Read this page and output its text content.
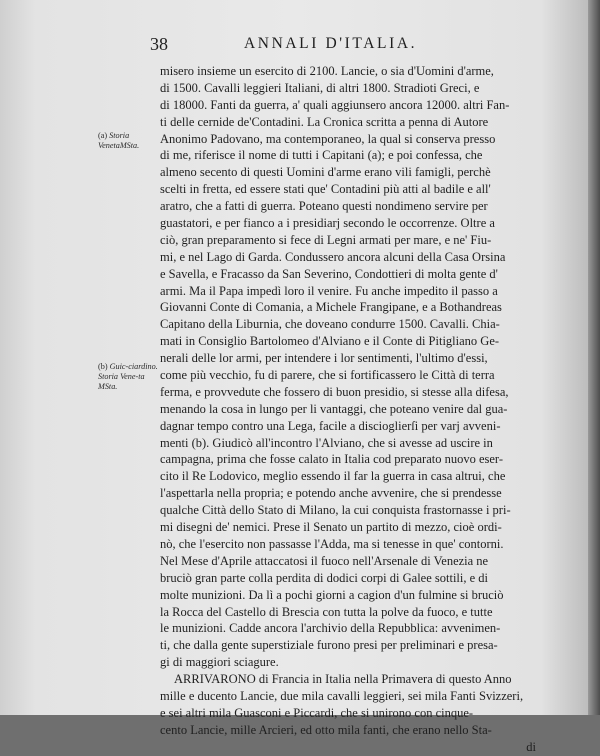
38	ANNALI D'ITALIA.
(a) Storia VenetaMSta.
(b) Guic-ciardino. Storia Vene-ta MSta.
misero insieme un esercito di 2100. Lancie, o sia d'Uomini d'arme,
di 1500. Cavalli leggieri Italiani, di altri 1800. Stradioti Greci, e
di 18000. Fanti da guerra, a' quali aggiunsero ancora 12000. altri Fan-
ti delle cernide de'Contadini. La Cronica scritta a penna di Autore
Anonimo Padovano, ma contemporaneo, la qual si conserva presso
di me, riferisce il nome di tutti i Capitani (a); e poi confessa, che
almeno secento di questi Uomini d'arme erano vili famigli, perchè
scelti in fretta, ed essere stati que' Contadini più atti al badile e all'
aratro, che a fatti di guerra. Poteano questi nondimeno servire per
guastatori, e per fianco a i presidiarj secondo le occorrenze. Oltre a
ciò, gran preparamento si fece di Legni armati per mare, e ne' Fiu-
mi, e nel Lago di Garda. Condussero ancora alcuni della Casa Orsina
e Savella, e Fracasso da San Severino, Condottieri di molta gente d'
armi. Ma il Papa impedì loro il venire. Fu anche impedito il passo a
Giovanni Conte di Comania, a Michele Frangipane, e a Bothandreas
Capitano della Liburnia, che doveano condurre 1500. Cavalli. Chia-
mati in Consiglio Bartolomeo d'Alviano e il Conte di Pitigliano Ge-
nerali delle lor armi, per intendere i lor sentimenti, l'ultimo d'essi,
come più vecchio, fu di parere, che si fortificassero le Città di terra
ferma, e provvedute che fossero di buon presidio, si stesse alla difesa,
menando la cosa in lungo per li vantaggi, che poteano venire dal gua-
dagnar tempo contro una Lega, facile a discioglierſi per varj avveni-
menti (b). Giudicò all'incontro l'Alviano, che si avesse ad uscire in
campagna, prima che fosse calato in Italia cod preparato nuovo eser-
cito il Re Lodovico, meglio essendo il far la guerra in casa altrui, che
l'aspettarla nella propria; e potendo anche avvenire, che si prendesse
qualche Città dello Stato di Milano, la cui conquista frastornasse i pri-
mi disegni de' nemici. Prese il Senato un partito di mezzo, cioè ordi-
nò, che l'esercito non passasse l'Adda, ma si tenesse in que' contorni.
Nel Mese d'Aprile attaccatosi il fuoco nell'Arsenale di Venezia ne
bruciò gran parte colla perdita di dodici corpi di Galee sottili, e di
molte munizioni. Da lì a pochi giorni a cagion d'un fulmine si bruciò
la Rocca del Castello di Brescia con tutta la polve da fuoco, e tutte
le munizioni. Cadde ancora l'archivio della Repubblica: avvenimen-
ti, che dalla gente superstiziale furono presi per preliminari e presa-
gi di maggiori sciagure.
ARRIVARONO di Francia in Italia nella Primavera di questo Anno
mille e ducento Lancie, due mila cavalli leggieri, sei mila Fanti Svizzeri,
e sei altri mila Guasconi e Piccardi, che si unirono con cinque-
cento Lancie, mille Arcieri, ed otto mila fanti, che erano nello Sta-
di
